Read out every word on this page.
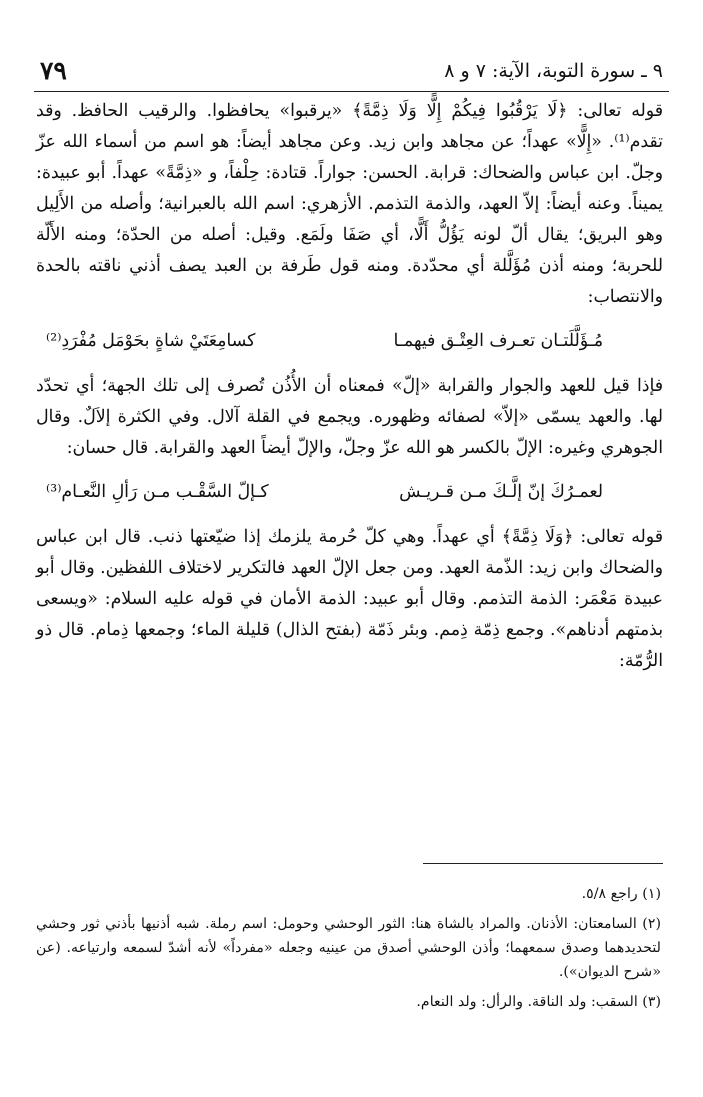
٩ ـ سورة التوبة، الآية: ٧ و ٨
٧٩

قوله تعالى: ﴿لَا يَرْقُبُوا فِيكُمْ إِلًّا وَلَا ذِمَّةً﴾ «يرقبوا» يحافظوا. والرقيب الحافظ. وقد تقدم⁽¹⁾. «إِلًّا» عهداً؛ عن مجاهد وابن زيد. وعن مجاهد أيضاً: هو اسم من أسماء الله عزّ وجلّ. ابن عباس والضحاك: قرابة. الحسن: جواراً. قتادة: حِلْفاً، و «ذِمَّةً» عهداً. أبو عبيدة: يميناً. وعنه أيضاً: إلاّ العهد، والذمة التذمم. الأزهري: اسم الله بالعبرانية؛ وأصله من الأَلِيل وهو البريق؛ يقال ألّ لونه يَؤُلُّ أَلًّا، أي صَفَا ولَمَع. وقيل: أصله من الحدّة؛ ومنه الأَلّة للحربة؛ ومنه أذن مُؤَلَّلة أي محدّدة. ومنه قول طَرفة بن العبد يصف أذني ناقته بالحدة والانتصاب:

مُـؤَلَّلَتـان تعـرف العِتْـق فيهمـا
كسامِعَتَيْ شاةٍ بحَوْمَل مُفْرَدِ⁽²⁾

فإذا قيل للعهد والجوار والقرابة «إلّ» فمعناه أن الأُذُن تُصرف إلى تلك الجهة؛ أي تحدّد لها. والعهد يسمّى «إلاّ» لصفائه وظهوره. ويجمع في القلة آلال. وفي الكثرة إلاَلٌ. وقال الجوهري وغيره: الإلّ بالكسر هو الله عزّ وجلّ، والإلّ أيضاً العهد والقرابة. قال حسان:

لعمـرُكَ إنّ إلَّـكَ مـن قـريـش
كـإلّ السَّقْـب مـن رَألِ النَّعـام⁽³⁾

قوله تعالى: ﴿وَلَا ذِمَّةً﴾ أي عهداً. وهي كلّ حُرمة يلزمك إذا ضيّعتها ذنب. قال ابن عباس والضحاك وابن زيد: الذّمة العهد. ومن جعل الإلّ العهد فالتكرير لاختلاف اللفظين. وقال أبو عبيدة مَعْمَر: الذمة التذمم. وقال أبو عبيد: الذمة الأمان في قوله عليه السلام: «ويسعى بذمتهم أدناهم». وجمع ذِمّة ذِمم. وبئر ذَمّة (بفتح الذال) قليلة الماء؛ وجمعها ذِمام. قال ذو الرُّمّة:

(١) راجع ٥/٨.

(٢) السامعتان: الأذنان. والمراد بالشاة هنا: الثور الوحشي وحومل: اسم رملة. شبه أذنيها بأذني ثور وحشي لتحديدهما وصدق سمعهما؛ وأذن الوحشي أصدق من عينيه وجعله «مفرداً» لأنه أشدّ لسمعه وارتياعه. (عن «شرح الديوان»).

(٣) السقب: ولد الناقة. والرأل: ولد النعام.
